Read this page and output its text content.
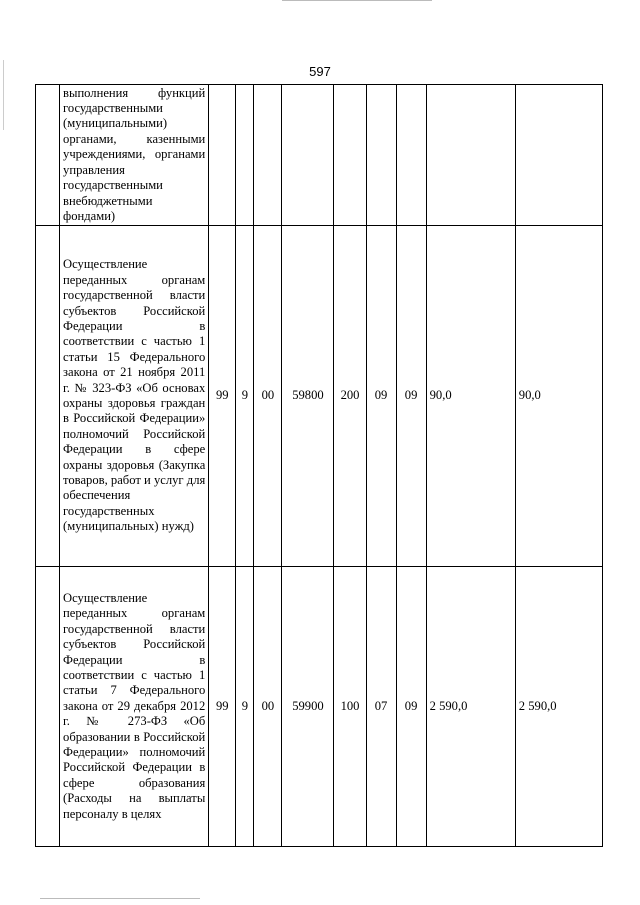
597
	выполнения функций государственными (муниципальными) органами, казенными учреждениями, органами управления государственными внебюджетными фондами)									
	Осуществление переданных органам государственной власти субъектов Российской Федерации в соответствии с частью 1 статьи 15 Федерального закона от 21 ноября 2011 г. № 323-ФЗ «Об основах охраны здоровья граждан в Российской Федерации» полномочий Российской Федерации в сфере охраны здоровья (Закупка товаров, работ и услуг для обеспечения государственных (муниципальных) нужд)	99	9	00	59800	200	09	09	90,0	90,0
	Осуществление переданных органам государственной власти субъектов Российской Федерации в соответствии с частью 1 статьи 7 Федерального закона от 29 декабря 2012 г. № 273-ФЗ «Об образовании в Российской Федерации» полномочий Российской Федерации в сфере образования (Расходы на выплаты персоналу в целях	99	9	00	59900	100	07	09	2 590,0	2 590,0
